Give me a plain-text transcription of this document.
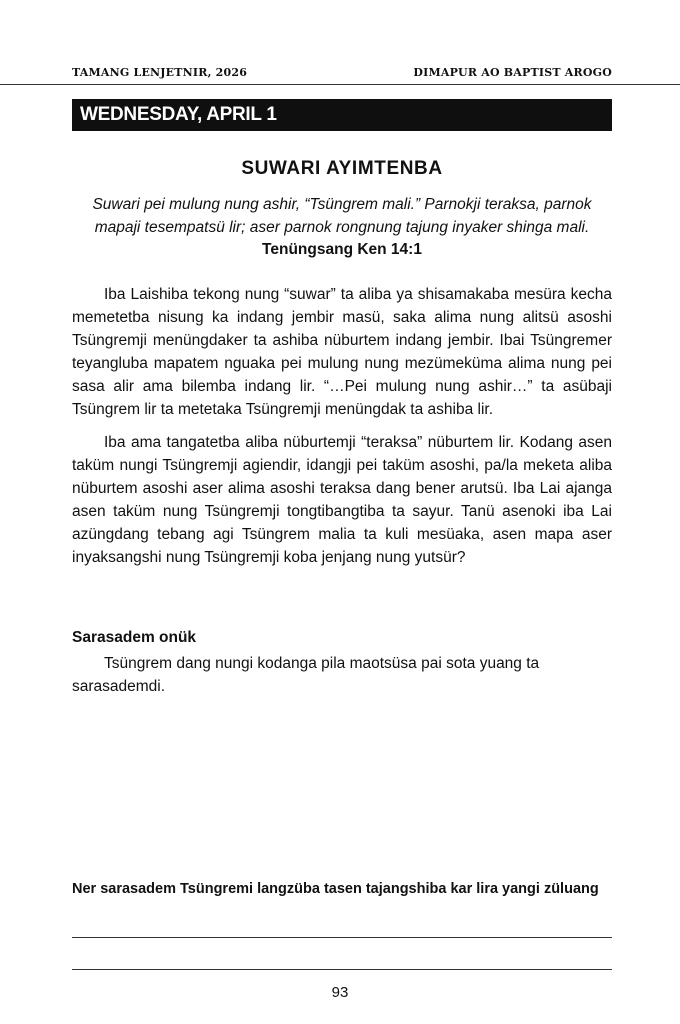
TAMANG LENJETNIR, 2026	DIMAPUR AO BAPTIST AROGO
WEDNESDAY, APRIL 1
SUWARI AYIMTENBA
Suwari pei mulung nung ashir, “Tsüngrem mali.” Parnokji teraksa, parnok mapaji tesempatsü lir; aser parnok rongnung tajung inyaker shinga mali. Tenüngsang Ken 14:1

Iba Laishiba tekong nung “suwar” ta aliba ya shisamakaba mesüra kecha memetetba nisung ka indang jembir masü, saka alima nung alitsü asoshi Tsüngremji menüngdaker ta ashiba nüburtem indang jembir. Ibai Tsüngremer teyangluba mapatem nguaka pei mulung nung mezümeküma alima nung pei sasa alir ama bilemba indang lir. “…Pei mulung nung ashir…” ta asübaji Tsüngrem lir ta metetaka Tsüngremji menüngdak ta ashiba lir.

Iba ama tangatetba aliba nüburtemji “teraksa” nüburtem lir. Kodang asen taküm nungi Tsüngremji agiendir, idangji pei taküm asoshi, pa/la meketa aliba nüburtem asoshi aser alima asoshi teraksa dang bener arutsü. Iba Lai ajanga asen taküm nung Tsüngremji tongtibangtiba ta sayur. Tanü asenoki iba Lai azüngdang tebang agi Tsüngrem malia ta kuli mesüaka, asen mapa aser inyaksangshi nung Tsüngremji koba jenjang nung yutsür?

Sarasadem onük
Tsüngrem dang nungi kodanga pila maotsüsa pai sota yuang ta sarasademdi.
Ner sarasadem Tsüngremi langzüba tasen tajangshiba kar lira yangi züluang
93
